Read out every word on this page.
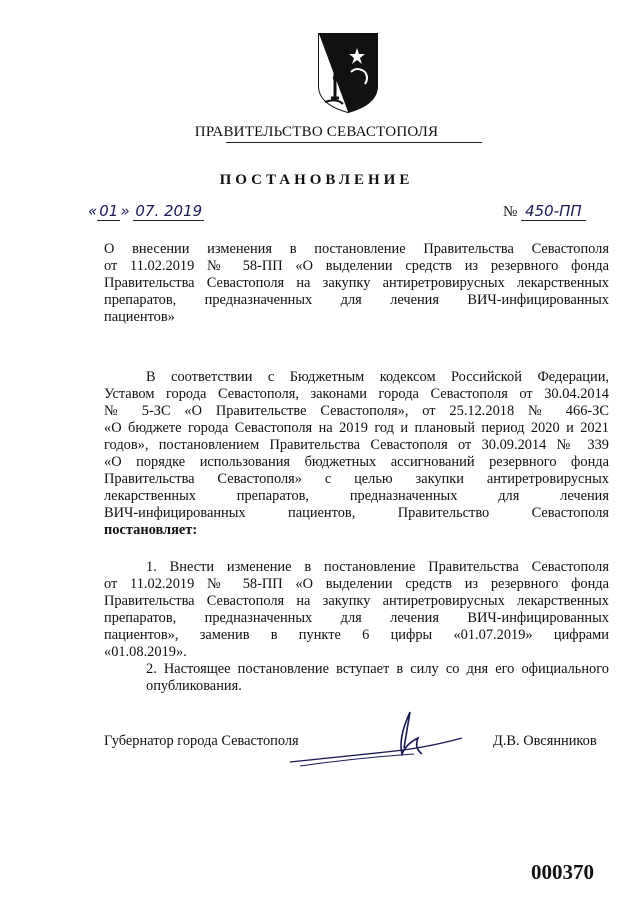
ПРАВИТЕЛЬСТВО СЕВАСТОПОЛЯ
ПОСТАНОВЛЕНИЕ
« 01 » 07. 2019	№ 450-ПП
О внесении изменения в постановление Правительства Севастополя
от 11.02.2019 № 58-ПП «О выделении средств из резервного фонда
Правительства Севастополя на закупку антиретровирусных лекарственных
препаратов, предназначенных для лечения ВИЧ-инфицированных
пациентов»
В соответствии с Бюджетным кодексом Российской Федерации,
Уставом города Севастополя, законами города Севастополя от 30.04.2014
№ 5-ЗС «О Правительстве Севастополя», от 25.12.2018 № 466-ЗС
«О бюджете города Севастополя на 2019 год и плановый период 2020 и 2021
годов», постановлением Правительства Севастополя от 30.09.2014 № 339
«О порядке использования бюджетных ассигнований резервного фонда
Правительства Севастополя» с целью закупки антиретровирусных
лекарственных препаратов, предназначенных для лечения
ВИЧ-инфицированных пациентов, Правительство Севастополя
постановляет:
1. Внести изменение в постановление Правительства Севастополя
от 11.02.2019 № 58-ПП «О выделении средств из резервного фонда
Правительства Севастополя на закупку антиретровирусных лекарственных
препаратов, предназначенных для лечения ВИЧ-инфицированных
пациентов», заменив в пункте 6 цифры «01.07.2019» цифрами
«01.08.2019».
2. Настоящее постановление вступает в силу со дня его официального
опубликования.
Губернатор города Севастополя	Д.В. Овсянников
000370
